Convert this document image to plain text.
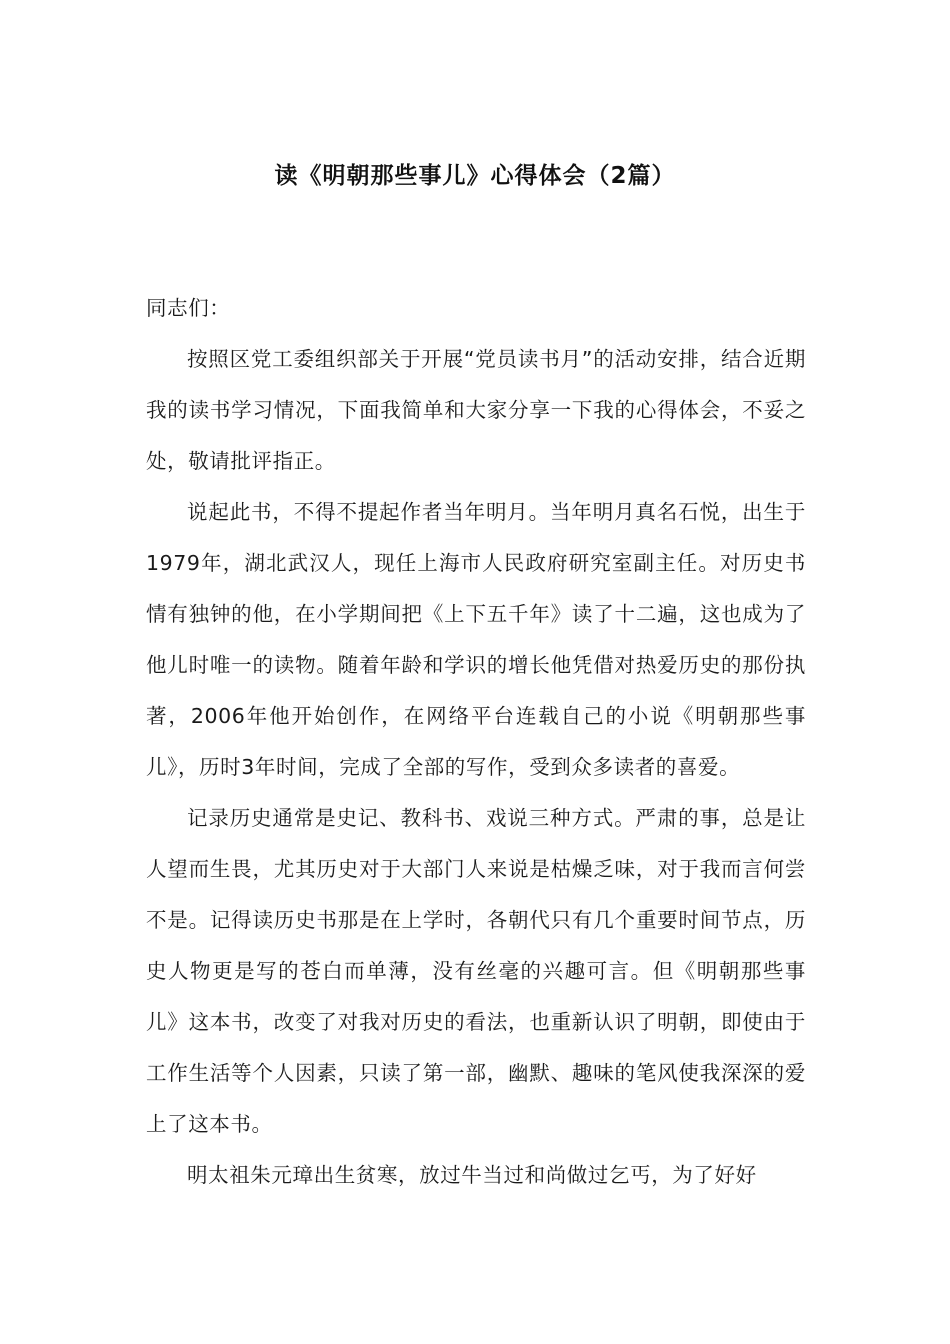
读《明朝那些事儿》心得体会（2篇）

同志们：

按照区党工委组织部关于开展“党员读书月”的活动安排，结合近期我的读书学习情况，下面我简单和大家分享一下我的心得体会，不妥之处，敬请批评指正。

说起此书，不得不提起作者当年明月。当年明月真名石悦，出生于1979年，湖北武汉人，现任上海市人民政府研究室副主任。对历史书情有独钟的他，在小学期间把《上下五千年》读了十二遍，这也成为了他儿时唯一的读物。随着年龄和学识的增长他凭借对热爱历史的那份执著，2006年他开始创作，在网络平台连载自己的小说《明朝那些事儿》，历时3年时间，完成了全部的写作，受到众多读者的喜爱。

记录历史通常是史记、教科书、戏说三种方式。严肃的事，总是让人望而生畏，尤其历史对于大部门人来说是枯燥乏味，对于我而言何尝不是。记得读历史书那是在上学时，各朝代只有几个重要时间节点，历史人物更是写的苍白而单薄，没有丝毫的兴趣可言。但《明朝那些事儿》这本书，改变了对我对历史的看法，也重新认识了明朝，即使由于工作生活等个人因素，只读了第一部，幽默、趣味的笔风使我深深的爱上了这本书。

明太祖朱元璋出生贫寒，放过牛当过和尚做过乞丐，为了好好
